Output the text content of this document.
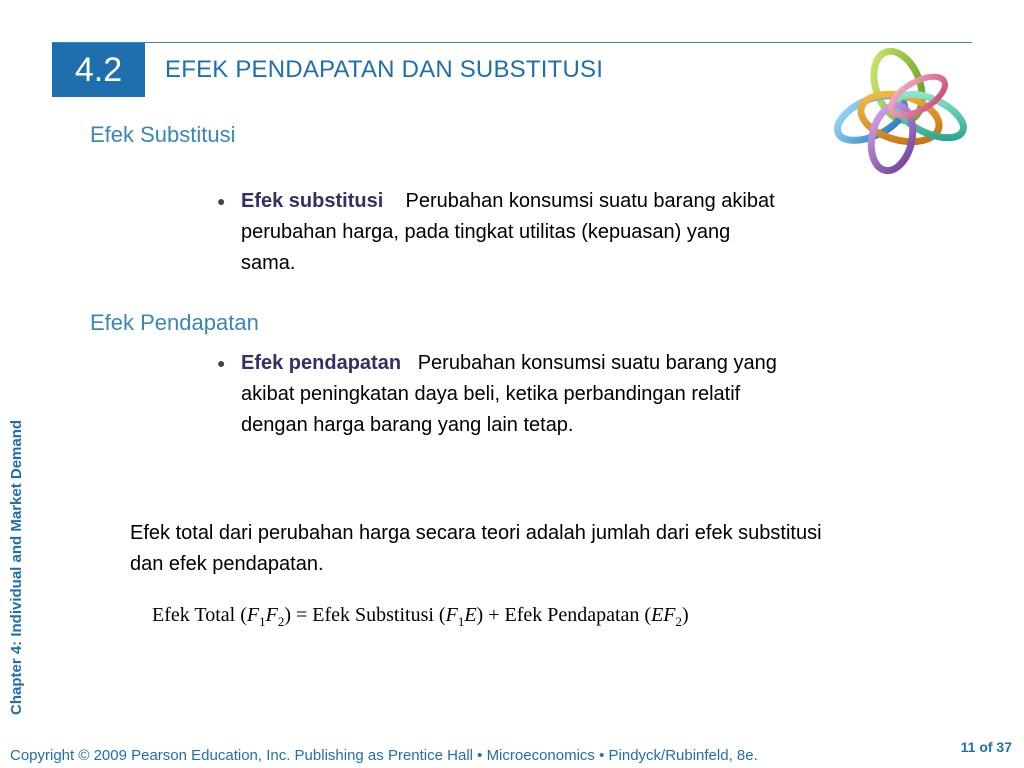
4.2	EFEK PENDAPATAN DAN SUBSTITUSI
Chapter 4: Individual and Market Demand
Efek Substitusi
● Efek substitusi Perubahan konsumsi suatu barang akibat perubahan harga, pada tingkat utilitas (kepuasan) yang sama.
Efek Pendapatan
● Efek pendapatan Perubahan konsumsi suatu barang yang akibat peningkatan daya beli, ketika perbandingan relatif dengan harga barang yang lain tetap.
Efek total dari perubahan harga secara teori adalah jumlah dari efek substitusi dan efek pendapatan.
Efek Total $(F_1F_2)$ = Efek Substitusi $(F_1E)$ + Efek Pendapatan $(EF_2)$
Copyright © 2009 Pearson Education, Inc. Publishing as Prentice Hall • Microeconomics • Pindyck/Rubinfeld, 8e.	11 of 37
